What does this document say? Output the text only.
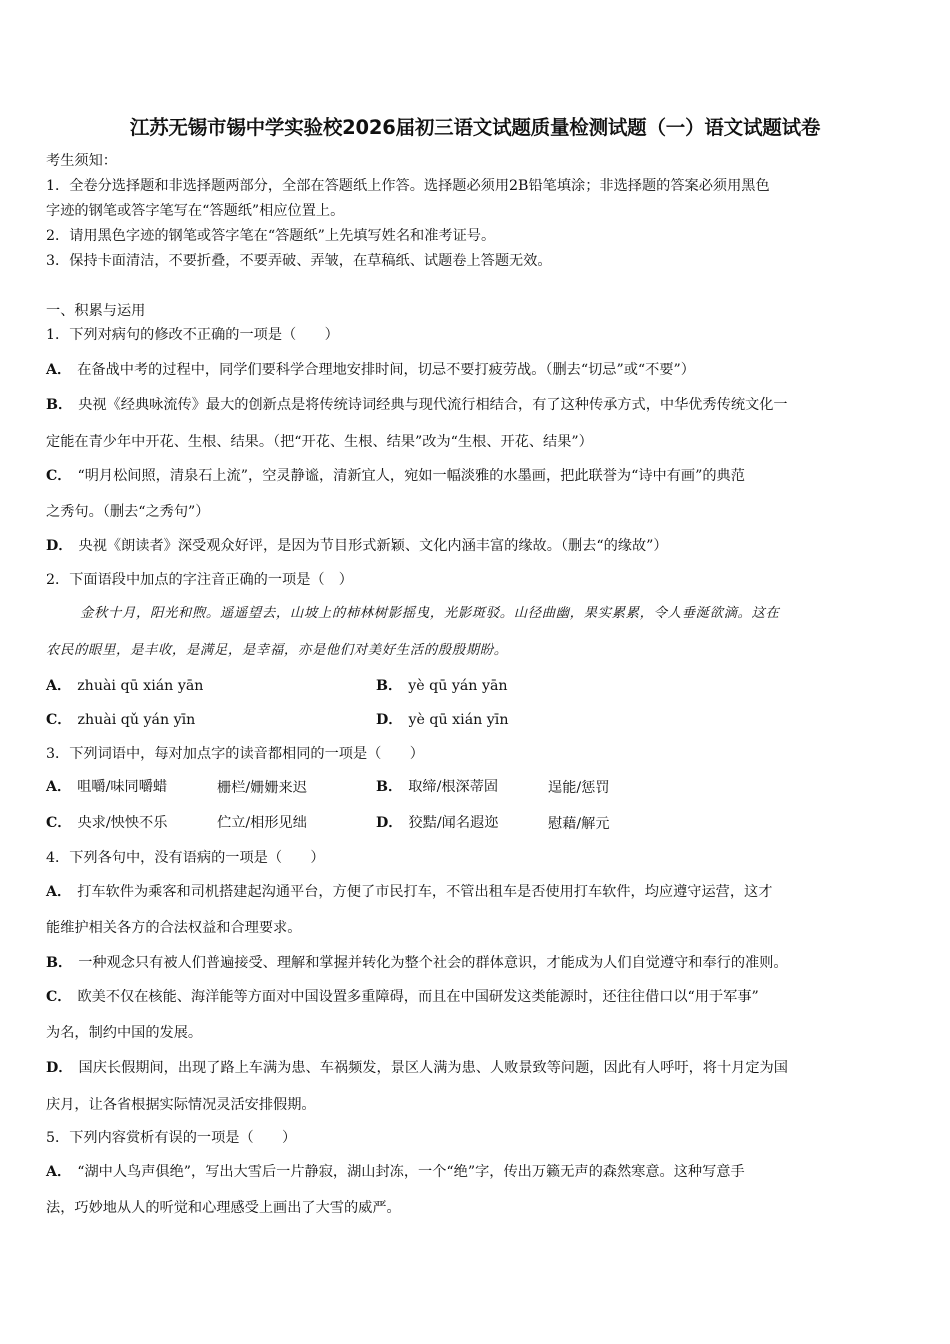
江苏无锡市锡中学实验校2026届初三语文试题质量检测试题（一）语文试题试卷
考生须知：
1．全卷分选择题和非选择题两部分，全部在答题纸上作答。选择题必须用2B铅笔填涂；非选择题的答案必须用黑色
字迹的钢笔或答字笔写在“答题纸”相应位置上。
2．请用黑色字迹的钢笔或答字笔在“答题纸”上先填写姓名和准考证号。
3．保持卡面清洁，不要折叠，不要弄破、弄皱，在草稿纸、试题卷上答题无效。
一、积累与运用
1．下列对病句的修改不正确的一项是（　　）
A． 在备战中考的过程中，同学们要科学合理地安排时间，切忌不要打疲劳战。（删去“切忌”或“不要”）
B． 央视《经典咏流传》最大的创新点是将传统诗词经典与现代流行相结合，有了这种传承方式，中华优秀传统文化一
定能在青少年中开花、生根、结果。（把“开花、生根、结果”改为“生根、开花、结果”）
C． “明月松间照，清泉石上流”，空灵静谧，清新宜人，宛如一幅淡雅的水墨画，把此联誉为“诗中有画”的典范
之秀句。（删去“之秀句”）
D． 央视《朗读者》深受观众好评，是因为节目形式新颖、文化内涵丰富的缘故。（删去“的缘故”）
2．下面语段中加点的字注音正确的一项是（　）
金秋十月，阳光和煦。遥遥望去，山坡上的柿林树影摇曳，光影斑驳。山径曲幽，果实累累，令人垂涎欲滴。这在
农民的眼里，是丰收，是满足，是幸福，亦是他们对美好生活的殷殷期盼。
A． zhuài qū xián yān	B． yè qū yán yān
C． zhuài qǔ yán yīn	D． yè qū xián yīn
3．下列词语中，每对加点字的读音都相同的一项是（　　）
A． 咀嚼/味同嚼蜡	栅栏/姗姗来迟	B． 取缔/根深蒂固	逞能/惩罚
C． 央求/怏怏不乐	伫立/相形见绌	D． 狡黠/闻名遐迩	慰藉/解元
4．下列各句中，没有语病的一项是（　　）
A． 打车软件为乘客和司机搭建起沟通平台，方便了市民打车，不管出租车是否使用打车软件，均应遵守运营，这才
能维护相关各方的合法权益和合理要求。
B． 一种观念只有被人们普遍接受、理解和掌握并转化为整个社会的群体意识，才能成为人们自觉遵守和奉行的准则。
C． 欧美不仅在核能、海洋能等方面对中国设置多重障碍，而且在中国研发这类能源时，还往往借口以“用于军事”
为名，制约中国的发展。
D． 国庆长假期间，出现了路上车满为患、车祸频发，景区人满为患、人败景致等问题，因此有人呼吁，将十月定为国
庆月，让各省根据实际情况灵活安排假期。
5．下列内容赏析有误的一项是（　　）
A． “湖中人鸟声俱绝”，写出大雪后一片静寂，湖山封冻，一个“绝”字，传出万籁无声的森然寒意。这种写意手
法，巧妙地从人的听觉和心理感受上画出了大雪的威严。
